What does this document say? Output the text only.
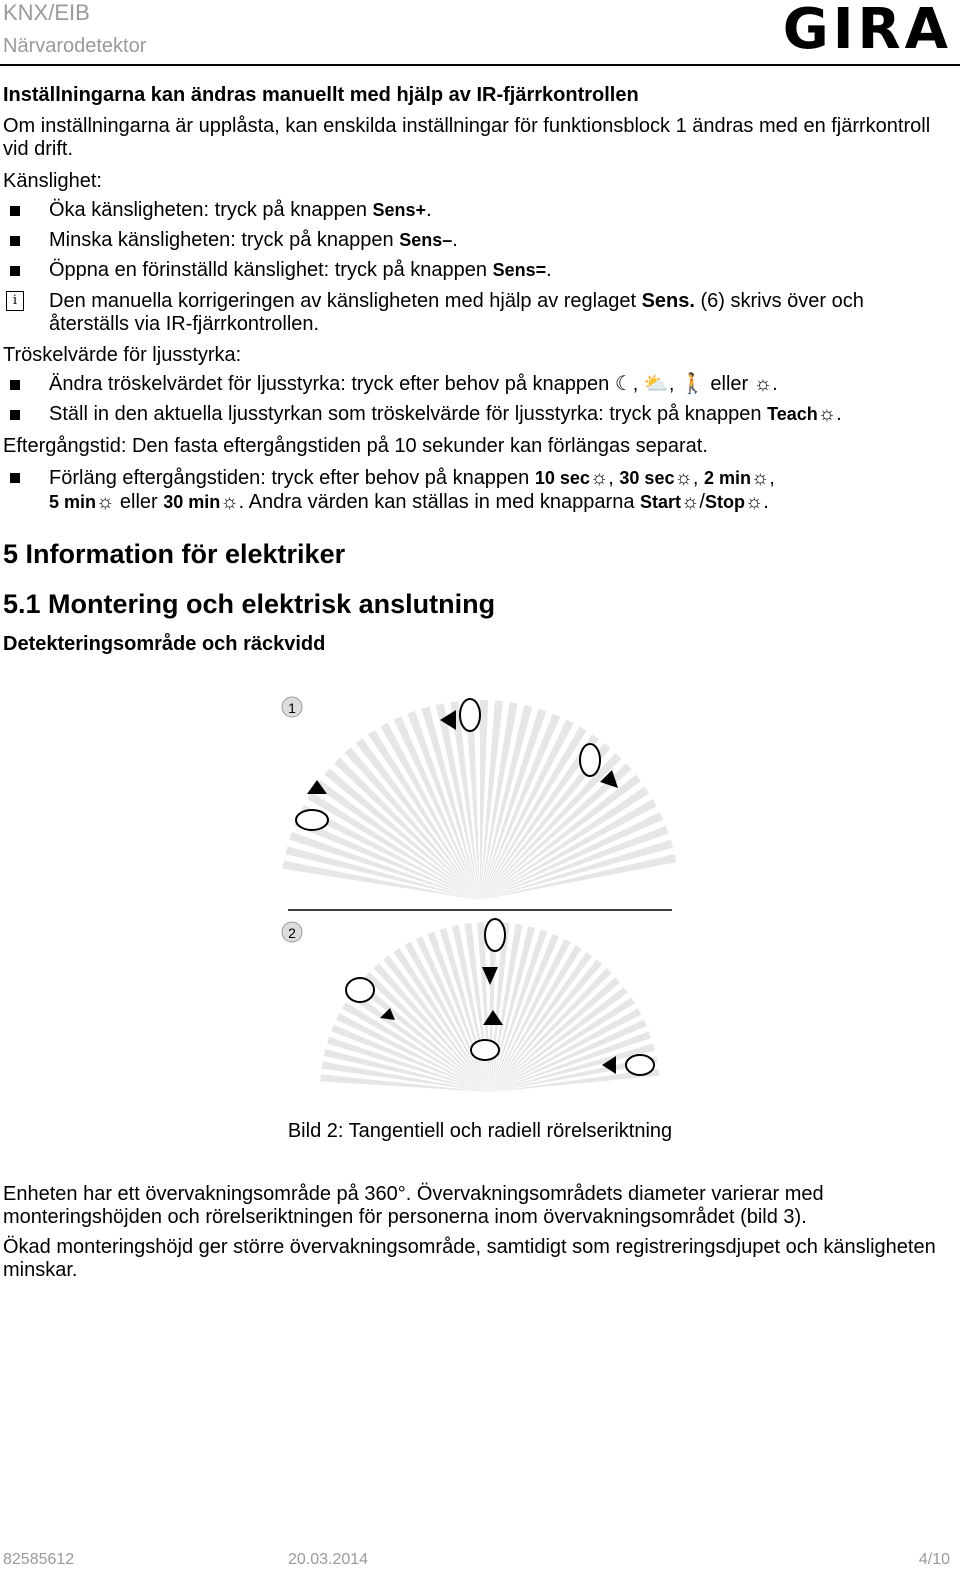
KNX/EIB
Närvarodetektor	GIRA
Inställningarna kan ändras manuellt med hjälp av IR-fjärrkontrollen
Om inställningarna är upplåsta, kan enskilda inställningar för funktionsblock 1 ändras med en fjärrkontroll vid drift.
Känslighet:
Öka känsligheten: tryck på knappen Sens+.
Minska känsligheten: tryck på knappen Sens–.
Öppna en förinställd känslighet: tryck på knappen Sens=.
i	Den manuella korrigeringen av känsligheten med hjälp av reglaget Sens. (6) skrivs över och återställs via IR-fjärrkontrollen.
Tröskelvärde för ljusstyrka:
Ändra tröskelvärdet för ljusstyrka: tryck efter behov på knappen ☾, ⛅, 🚶 eller ☼.
Ställ in den aktuella ljusstyrkan som tröskelvärde för ljusstyrka: tryck på knappen Teach☼.
Eftergångstid: Den fasta eftergångstiden på 10 sekunder kan förlängas separat.
Förläng eftergångstiden: tryck efter behov på knappen 10 sec☼, 30 sec☼, 2 min☼,
5 min☼ eller 30 min☼. Andra värden kan ställas in med knapparna Start☼/Stop☼.
5 Information för elektriker
5.1 Montering och elektrisk anslutning
Detekteringsområde och räckvidd
1
2
Bild 2: Tangentiell och radiell rörelseriktning
Enheten har ett övervakningsområde på 360°. Övervakningsområdets diameter varierar med monteringshöjden och rörelseriktningen för personerna inom övervakningsområdet (bild 3).
Ökad monteringshöjd ger större övervakningsområde, samtidigt som registreringsdjupet och känsligheten minskar.
82585612	20.03.2014	4/10
